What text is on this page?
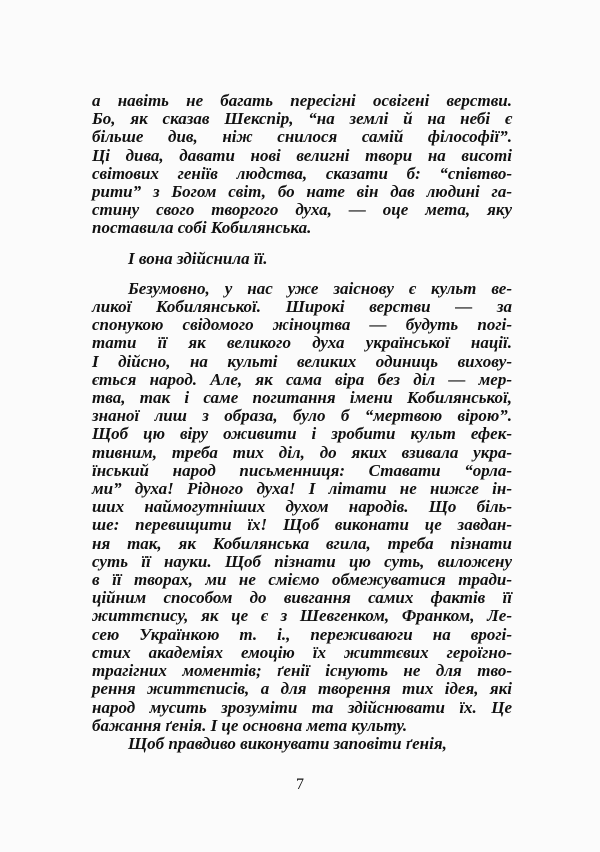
а навіть не багать пересігні освігені верстви.
Бо, як сказав Шекспір, “на землі й на небі є
більше див, ніж снилося самій філософії”.
Ці дива, давати нові велигні твори на висоті
світових геніїв людства, сказати б: “співтво-
рити” з Богом світ, бо нате він дав людині га-
стину свого творгого духа, — оце мета, яку
поставила собі Кобилянська.
І вона здійснила її.
Безумовно, у нас уже заіснову є культ ве-
ликої Кобилянської. Широкі верстви — за
спонукою свідомого жіноцтва — будуть погі-
тати її як великого духа української нації.
І дійсно, на культі великих одиниць вихову-
ється народ. Але, як сама віра без діл — мер-
тва, так і саме погитання імени Кобилянської,
знаної лиш з образа, було б “мертвою вірою”.
Щоб цю віру оживити і зробити культ ефек-
тивним, треба тих діл, до яких взивала укра-
їнський народ письменниця: Ставати “орла-
ми” духа! Рідного духа! І літати не нижге ін-
ших наймогутніших духом народів. Що біль-
ше: перевищити їх! Щоб виконати це завдан-
ня так, як Кобилянська вгила, треба пізнати
суть її науки. Щоб пізнати цю суть, виложену
в її творах, ми не сміємо обмежуватися тради-
ційним способом до вивгання самих фактів її
життєпису, як це є з Шевгенком, Франком, Ле-
сею Українкою т. і., переживаюги на врогі-
стих академіях емоцію їх життєвих героїгно-
трагігних моментів; ґенії існують не для тво-
рення життєписів, а для творення тих ідея, які
народ мусить зрозуміти та здійснювати їх. Це
бажання ґенія. І це основна мета культу.
Щоб правдиво виконувати заповіти ґенія,
7
